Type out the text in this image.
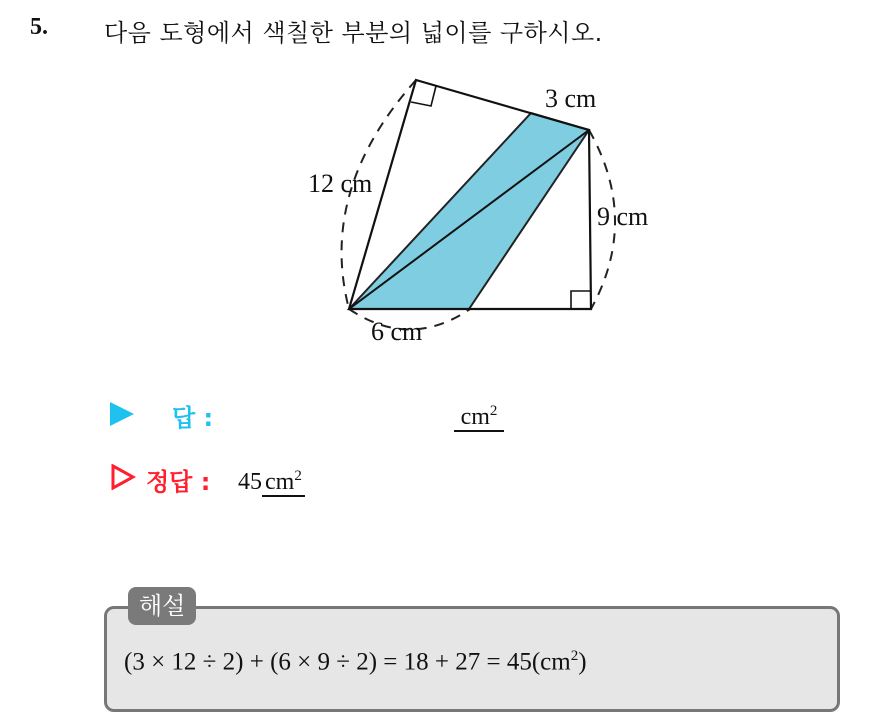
5. 다음 도형에서 색칠한 부분의 넓이를 구하시오.
12 cm
3 cm
9 cm
6 cm
답 :	$cm^2$
정답 : 45 $cm^2$
해설
$(3 \times 12 \div 2) + (6 \times 9 \div 2) = 18 + 27 = 45(cm^2)$
